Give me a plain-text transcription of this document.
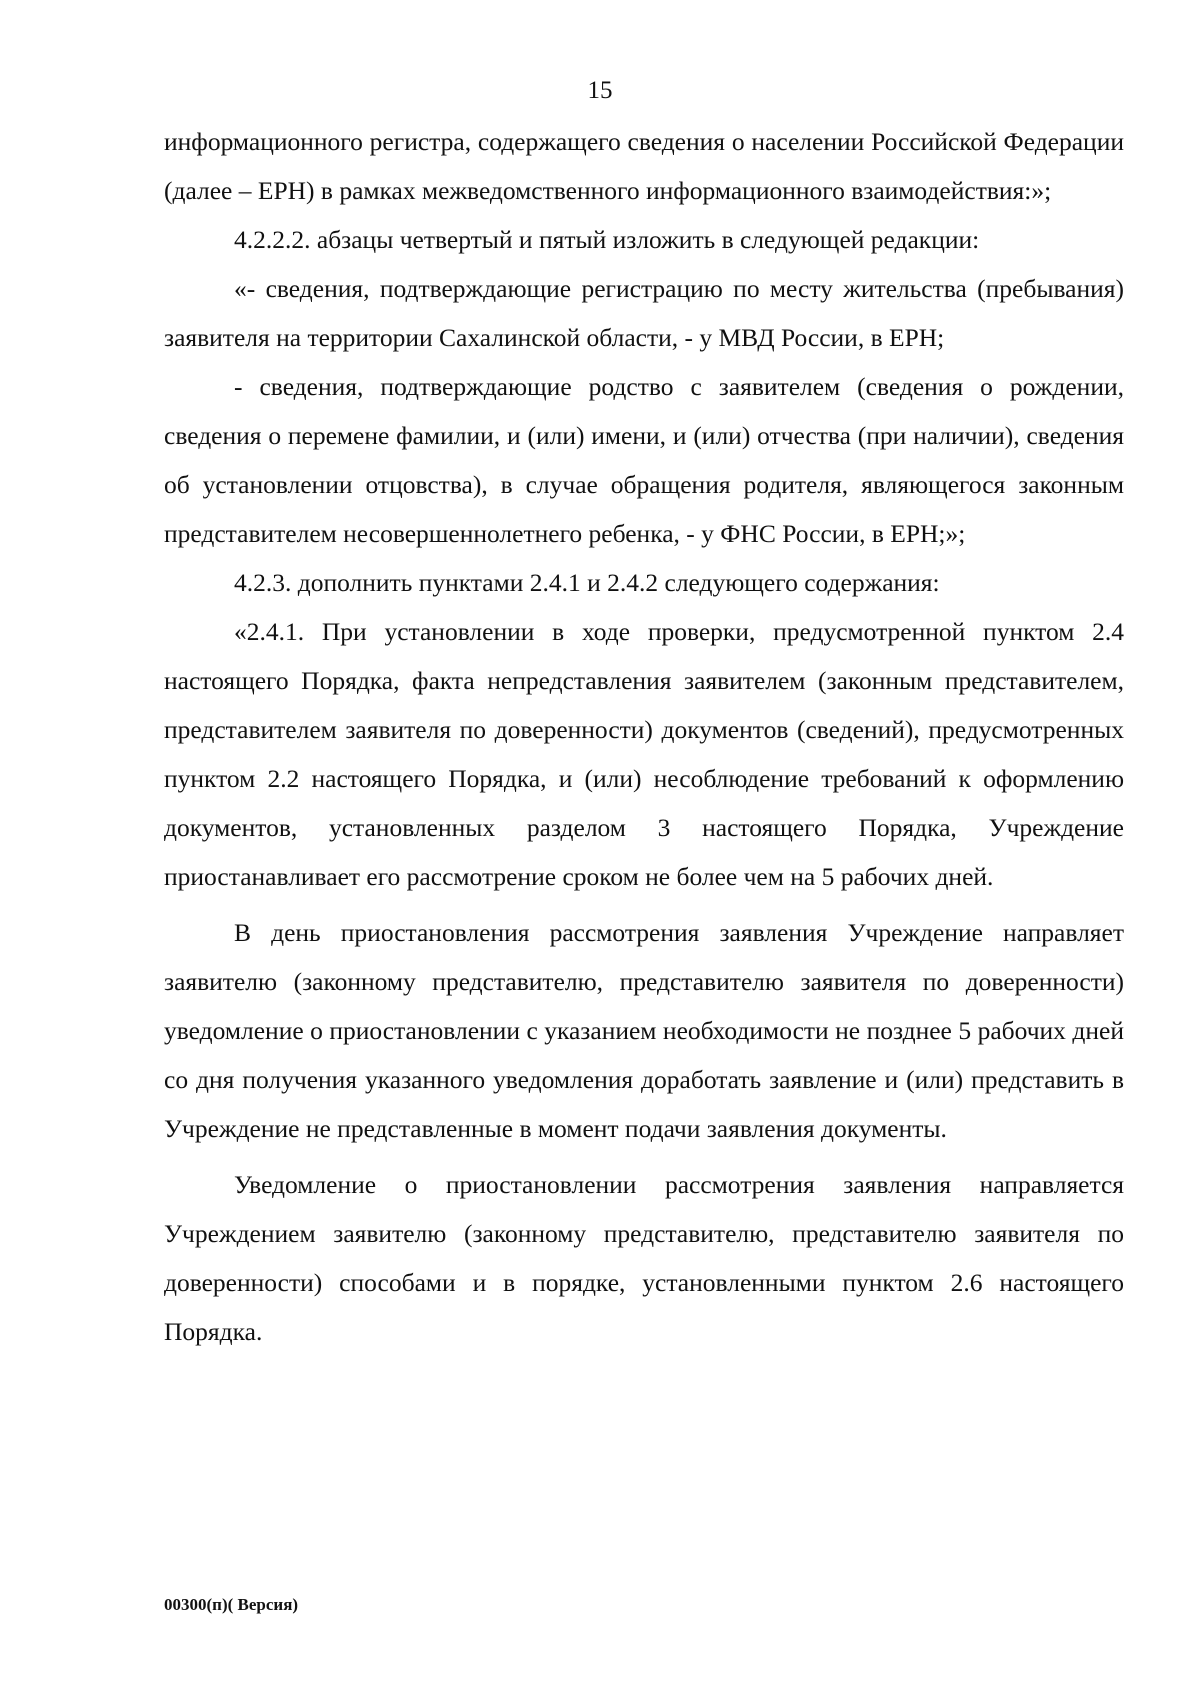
15

информационного регистра, содержащего сведения о населении Российской Федерации (далее – ЕРН) в рамках межведомственного информационного взаимодействия:»;

4.2.2.2. абзацы четвертый и пятый изложить в следующей редакции:

«- сведения, подтверждающие регистрацию по месту жительства (пребывания) заявителя на территории Сахалинской области, - у МВД России, в ЕРН;

- сведения, подтверждающие родство с заявителем (сведения о рождении, сведения о перемене фамилии, и (или) имени, и (или) отчества (при наличии), сведения об установлении отцовства), в случае обращения родителя, являющегося законным представителем несовершеннолетнего ребенка, - у ФНС России, в ЕРН;»;

4.2.3. дополнить пунктами 2.4.1 и 2.4.2 следующего содержания:

«2.4.1. При установлении в ходе проверки, предусмотренной пунктом 2.4 настоящего Порядка, факта непредставления заявителем (законным представителем, представителем заявителя по доверенности) документов (сведений), предусмотренных пунктом 2.2 настоящего Порядка, и (или) несоблюдение требований к оформлению документов, установленных разделом 3 настоящего Порядка, Учреждение приостанавливает его рассмотрение сроком не более чем на 5 рабочих дней.

В день приостановления рассмотрения заявления Учреждение направляет заявителю (законному представителю, представителю заявителя по доверенности) уведомление о приостановлении с указанием необходимости не позднее 5 рабочих дней со дня получения указанного уведомления доработать заявление и (или) представить в Учреждение не представленные в момент подачи заявления документы.

Уведомление о приостановлении рассмотрения заявления направляется Учреждением заявителю (законному представителю, представителю заявителя по доверенности) способами и в порядке, установленными пунктом 2.6 настоящего Порядка.

00300(п)( Версия)
